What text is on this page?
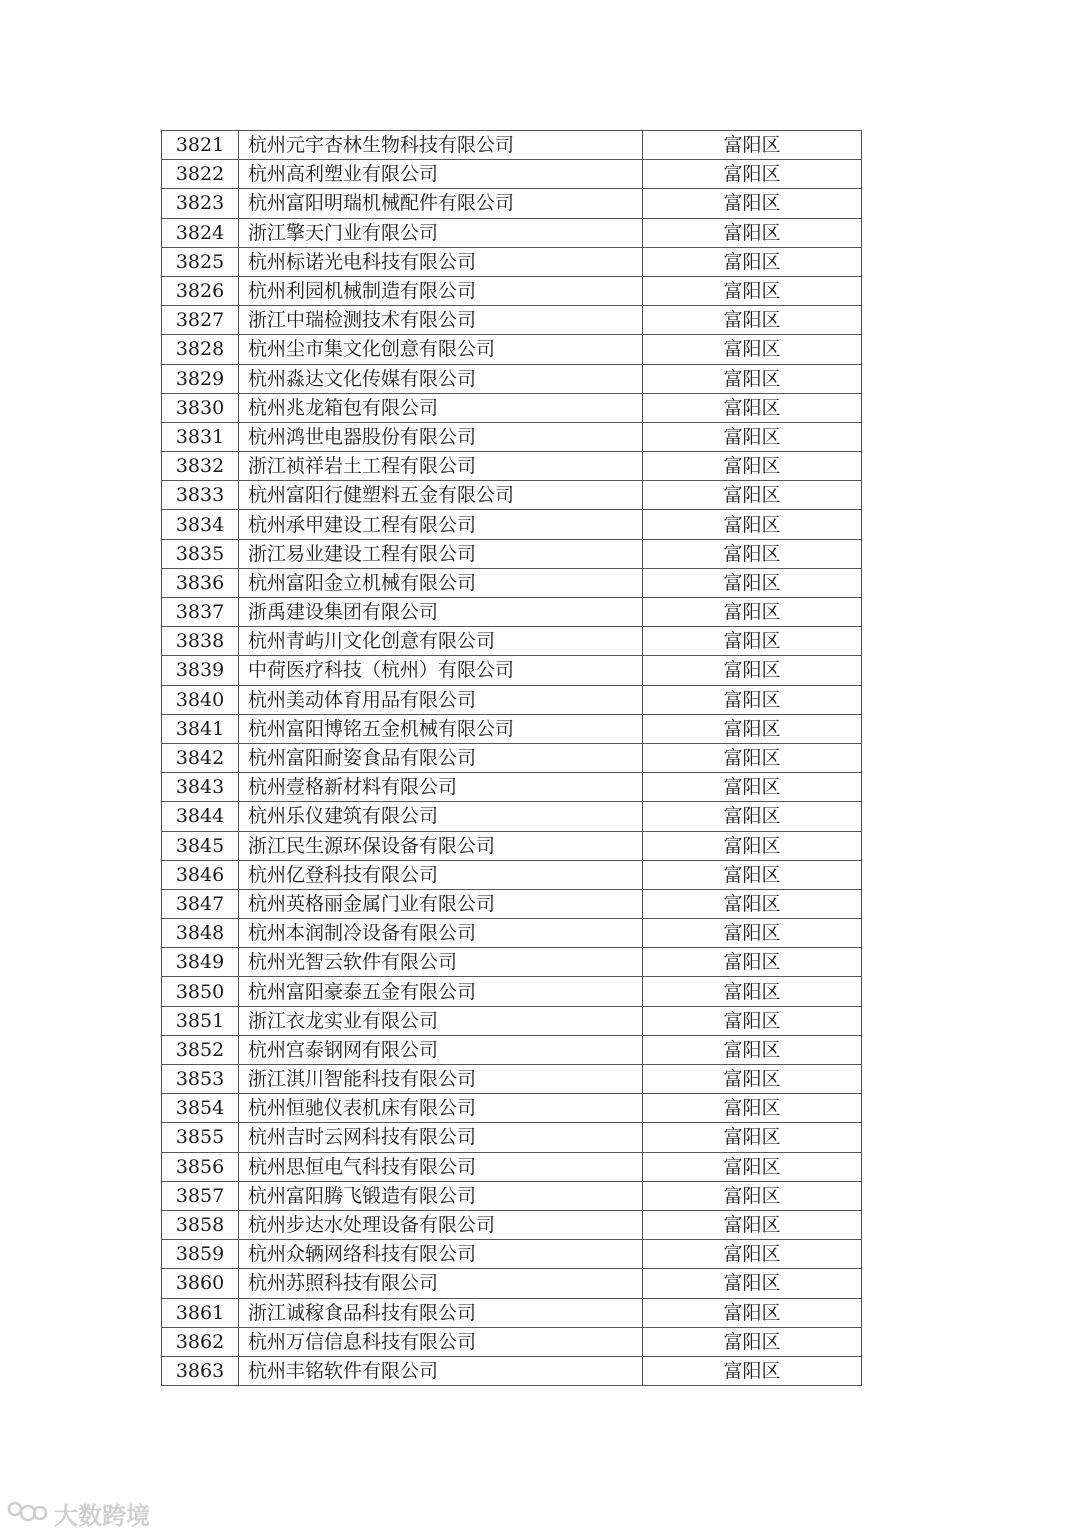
3821	杭州元宇杏林生物科技有限公司	富阳区
3822	杭州高利塑业有限公司	富阳区
3823	杭州富阳明瑞机械配件有限公司	富阳区
3824	浙江擎天门业有限公司	富阳区
3825	杭州标诺光电科技有限公司	富阳区
3826	杭州利园机械制造有限公司	富阳区
3827	浙江中瑞检测技术有限公司	富阳区
3828	杭州尘市集文化创意有限公司	富阳区
3829	杭州淼达文化传媒有限公司	富阳区
3830	杭州兆龙箱包有限公司	富阳区
3831	杭州鸿世电器股份有限公司	富阳区
3832	浙江祯祥岩土工程有限公司	富阳区
3833	杭州富阳行健塑料五金有限公司	富阳区
3834	杭州承甲建设工程有限公司	富阳区
3835	浙江易业建设工程有限公司	富阳区
3836	杭州富阳金立机械有限公司	富阳区
3837	浙禹建设集团有限公司	富阳区
3838	杭州青屿川文化创意有限公司	富阳区
3839	中荷医疗科技（杭州）有限公司	富阳区
3840	杭州美动体育用品有限公司	富阳区
3841	杭州富阳博铭五金机械有限公司	富阳区
3842	杭州富阳耐姿食品有限公司	富阳区
3843	杭州壹格新材料有限公司	富阳区
3844	杭州乐仪建筑有限公司	富阳区
3845	浙江民生源环保设备有限公司	富阳区
3846	杭州亿登科技有限公司	富阳区
3847	杭州英格丽金属门业有限公司	富阳区
3848	杭州本润制冷设备有限公司	富阳区
3849	杭州光智云软件有限公司	富阳区
3850	杭州富阳豪泰五金有限公司	富阳区
3851	浙江衣龙实业有限公司	富阳区
3852	杭州宫泰钢网有限公司	富阳区
3853	浙江淇川智能科技有限公司	富阳区
3854	杭州恒驰仪表机床有限公司	富阳区
3855	杭州吉时云网科技有限公司	富阳区
3856	杭州思恒电气科技有限公司	富阳区
3857	杭州富阳腾飞锻造有限公司	富阳区
3858	杭州步达水处理设备有限公司	富阳区
3859	杭州众辆网络科技有限公司	富阳区
3860	杭州苏照科技有限公司	富阳区
3861	浙江诚稼食品科技有限公司	富阳区
3862	杭州万信信息科技有限公司	富阳区
3863	杭州丰铭软件有限公司	富阳区
大数跨境
